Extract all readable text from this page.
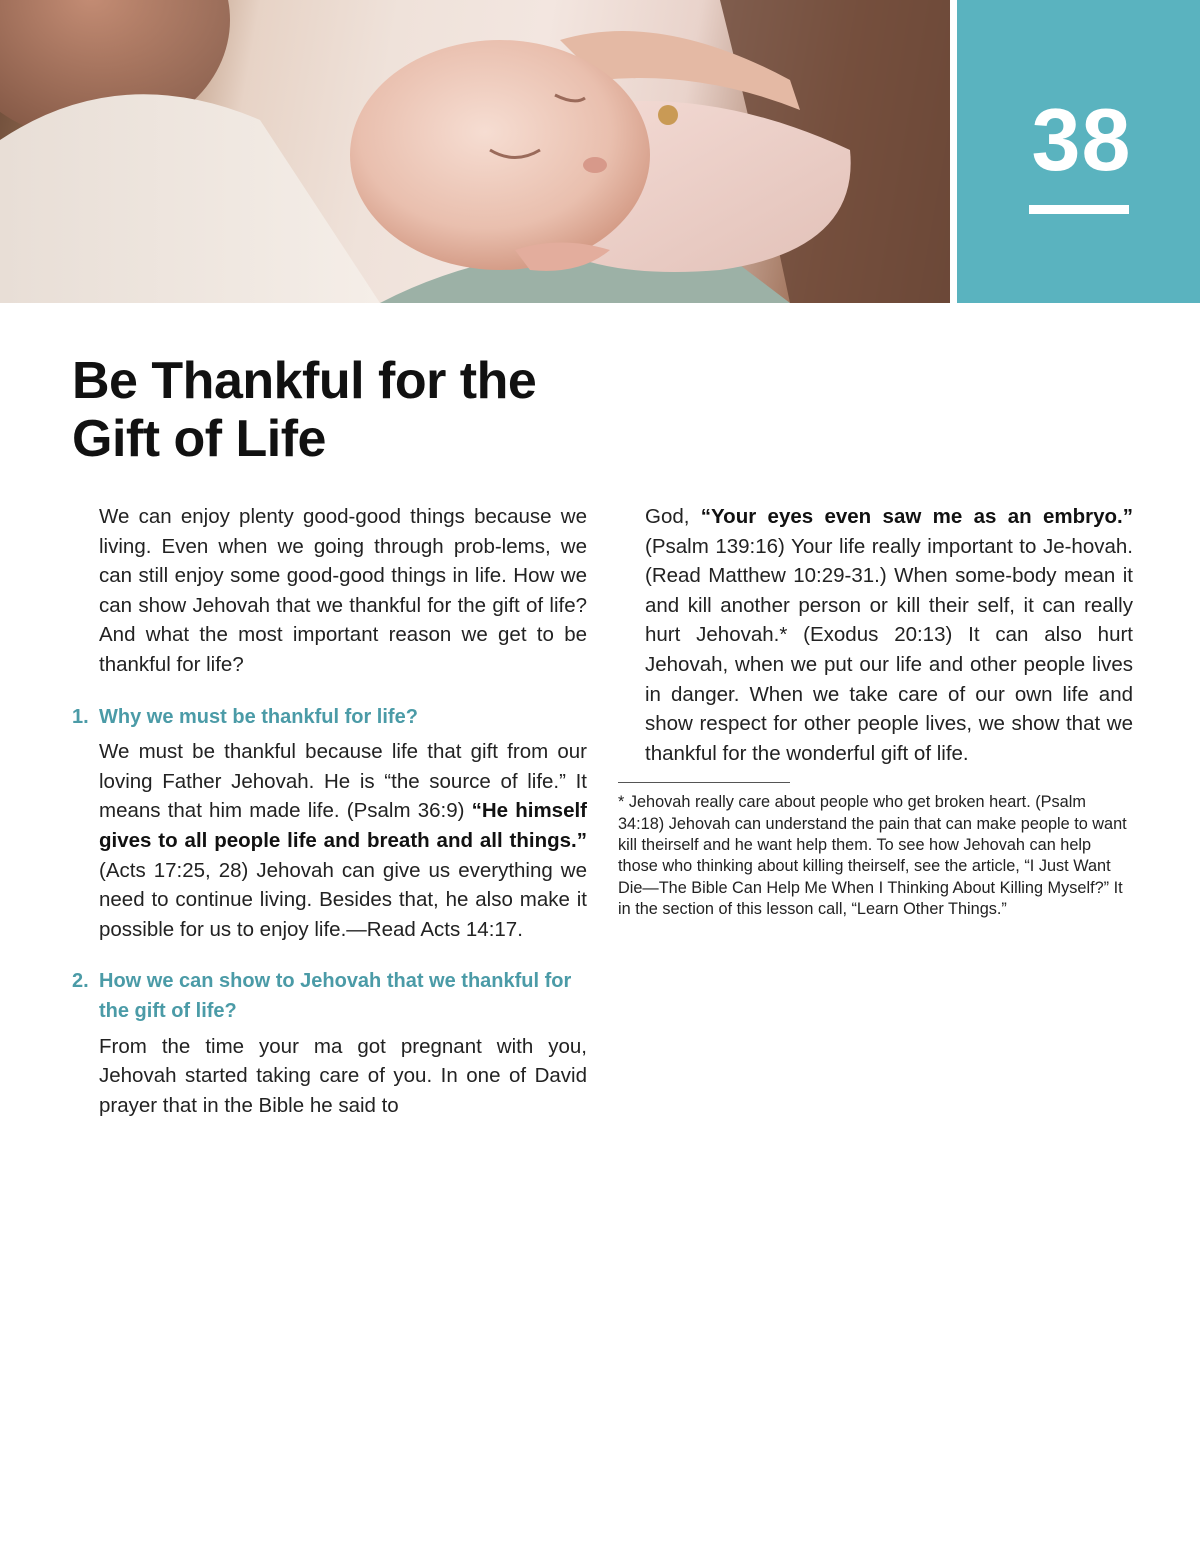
38
Be Thankful for the
Gift of Life

We can enjoy plenty good-good things because we living. Even when we going through prob-lems, we can still enjoy some good-good things in life. How we can show Jehovah that we thankful for the gift of life? And what the most important reason we get to be thankful for life?

1. Why we must be thankful for life?

We must be thankful because life that gift from our loving Father Jehovah. He is “the source of life.” It means that him made life. (Psalm 36:9) “He himself gives to all people life and breath and all things.” (Acts 17:25, 28) Jehovah can give us everything we need to continue living. Besides that, he also make it possible for us to enjoy life.—Read Acts 14:17.

2. How we can show to Jehovah that we thankful for the gift of life?

From the time your ma got pregnant with you, Jehovah started taking care of you. In one of David prayer that in the Bible he said to

God, “Your eyes even saw me as an embryo.” (Psalm 139:16) Your life really important to Je-hovah. (Read Matthew 10:29-31.) When some-body mean it and kill another person or kill their self, it can really hurt Jehovah.* (Exodus 20:13) It can also hurt Jehovah, when we put our life and other people lives in danger. When we take care of our own life and show respect for other people lives, we show that we thankful for the wonderful gift of life.

* Jehovah really care about people who get broken heart. (Psalm 34:18) Jehovah can understand the pain that can make people to want kill theirself and he want help them. To see how Jehovah can help those who thinking about killing theirself, see the article, “I Just Want Die—The Bible Can Help Me When I Thinking About Killing Myself?” It in the section of this lesson call, “Learn Other Things.”
